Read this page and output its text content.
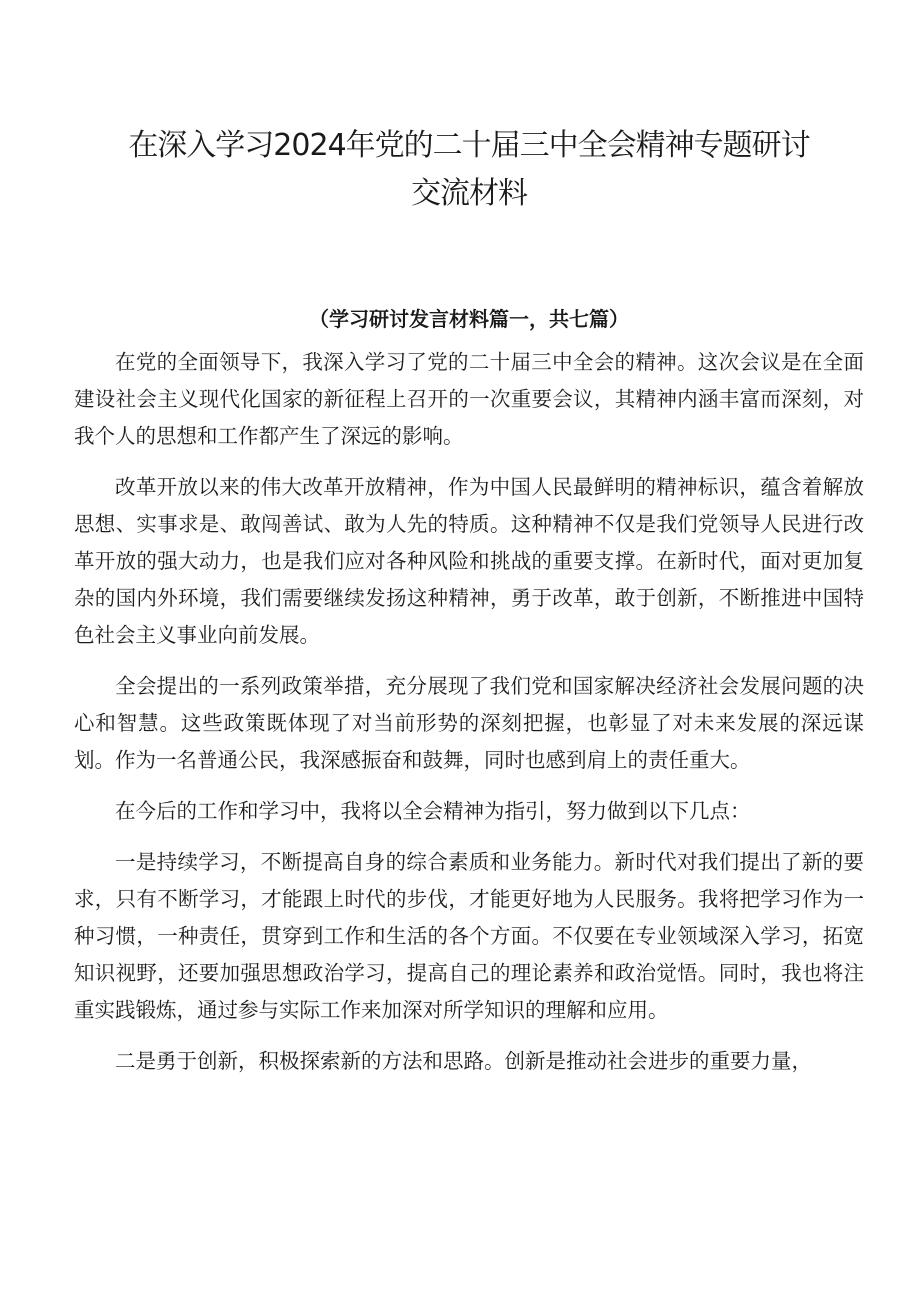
在深入学习2024年党的二十届三中全会精神专题研讨
交流材料
（学习研讨发言材料篇一，共七篇）

在党的全面领导下，我深入学习了党的二十届三中全会的精神。这次会议是在全面建设社会主义现代化国家的新征程上召开的一次重要会议，其精神内涵丰富而深刻，对我个人的思想和工作都产生了深远的影响。

改革开放以来的伟大改革开放精神，作为中国人民最鲜明的精神标识，蕴含着解放思想、实事求是、敢闯善试、敢为人先的特质。这种精神不仅是我们党领导人民进行改革开放的强大动力，也是我们应对各种风险和挑战的重要支撑。在新时代，面对更加复杂的国内外环境，我们需要继续发扬这种精神，勇于改革，敢于创新，不断推进中国特色社会主义事业向前发展。

全会提出的一系列政策举措，充分展现了我们党和国家解决经济社会发展问题的决心和智慧。这些政策既体现了对当前形势的深刻把握，也彰显了对未来发展的深远谋划。作为一名普通公民，我深感振奋和鼓舞，同时也感到肩上的责任重大。

在今后的工作和学习中，我将以全会精神为指引，努力做到以下几点：

一是持续学习，不断提高自身的综合素质和业务能力。新时代对我们提出了新的要求，只有不断学习，才能跟上时代的步伐，才能更好地为人民服务。我将把学习作为一种习惯，一种责任，贯穿到工作和生活的各个方面。不仅要在专业领域深入学习，拓宽知识视野，还要加强思想政治学习，提高自己的理论素养和政治觉悟。同时，我也将注重实践锻炼，通过参与实际工作来加深对所学知识的理解和应用。

二是勇于创新，积极探索新的方法和思路。创新是推动社会进步的重要力量，
